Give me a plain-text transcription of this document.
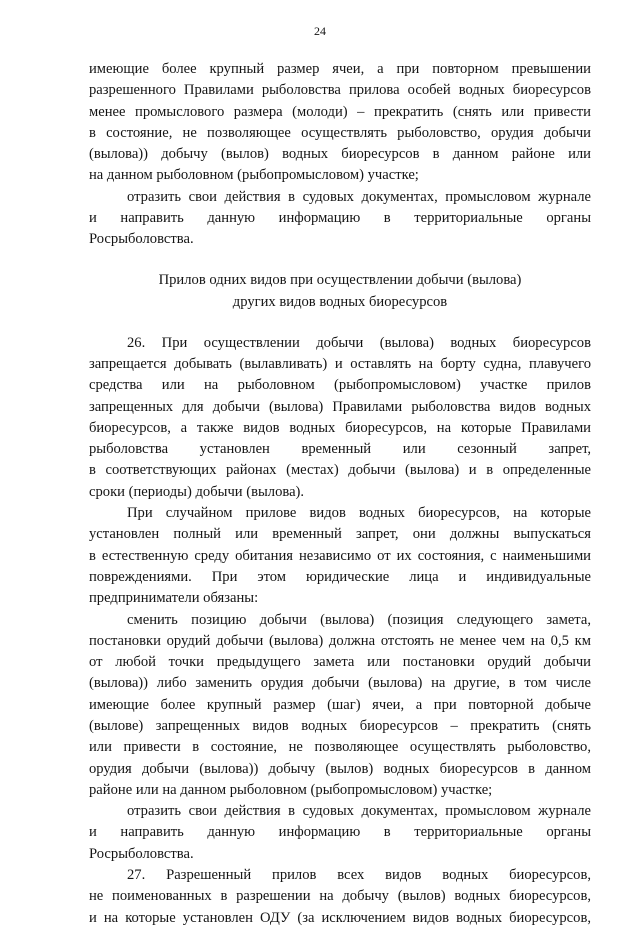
24
имеющие более крупный размер ячеи, а при повторном превышении
разрешенного Правилами рыболовства прилова особей водных биоресурсов
менее промыслового размера (молоди) – прекратить (снять или привести
в состояние, не позволяющее осуществлять рыболовство, орудия добычи
(вылова)) добычу (вылов) водных биоресурсов в данном районе или
на данном рыболовном (рыбопромысловом) участке;
отразить свои действия в судовых документах, промысловом журнале
и направить данную информацию в территориальные органы
Росрыболовства.
Прилов одних видов при осуществлении добычи (вылова)
других видов водных биоресурсов
26. При осуществлении добычи (вылова) водных биоресурсов
запрещается добывать (вылавливать) и оставлять на борту судна, плавучего
средства или на рыболовном (рыбопромысловом) участке прилов
запрещенных для добычи (вылова) Правилами рыболовства видов водных
биоресурсов, а также видов водных биоресурсов, на которые Правилами
рыболовства установлен временный или сезонный запрет,
в соответствующих районах (местах) добычи (вылова) и в определенные
сроки (периоды) добычи (вылова).
При случайном прилове видов водных биоресурсов, на которые
установлен полный или временный запрет, они должны выпускаться
в естественную среду обитания независимо от их состояния, с наименьшими
повреждениями. При этом юридические лица и индивидуальные
предприниматели обязаны:
сменить позицию добычи (вылова) (позиция следующего замета,
постановки орудий добычи (вылова) должна отстоять не менее чем на 0,5 км
от любой точки предыдущего замета или постановки орудий добычи
(вылова)) либо заменить орудия добычи (вылова) на другие, в том числе
имеющие более крупный размер (шаг) ячеи, а при повторной добыче
(вылове) запрещенных видов водных биоресурсов – прекратить (снять
или привести в состояние, не позволяющее осуществлять рыболовство,
орудия добычи (вылова)) добычу (вылов) водных биоресурсов в данном
районе или на данном рыболовном (рыбопромысловом) участке;
отразить свои действия в судовых документах, промысловом журнале
и направить данную информацию в территориальные органы
Росрыболовства.
27. Разрешенный прилов всех видов водных биоресурсов,
не поименованных в разрешении на добычу (вылов) водных биоресурсов,
и на которые установлен ОДУ (за исключением видов водных биоресурсов,
